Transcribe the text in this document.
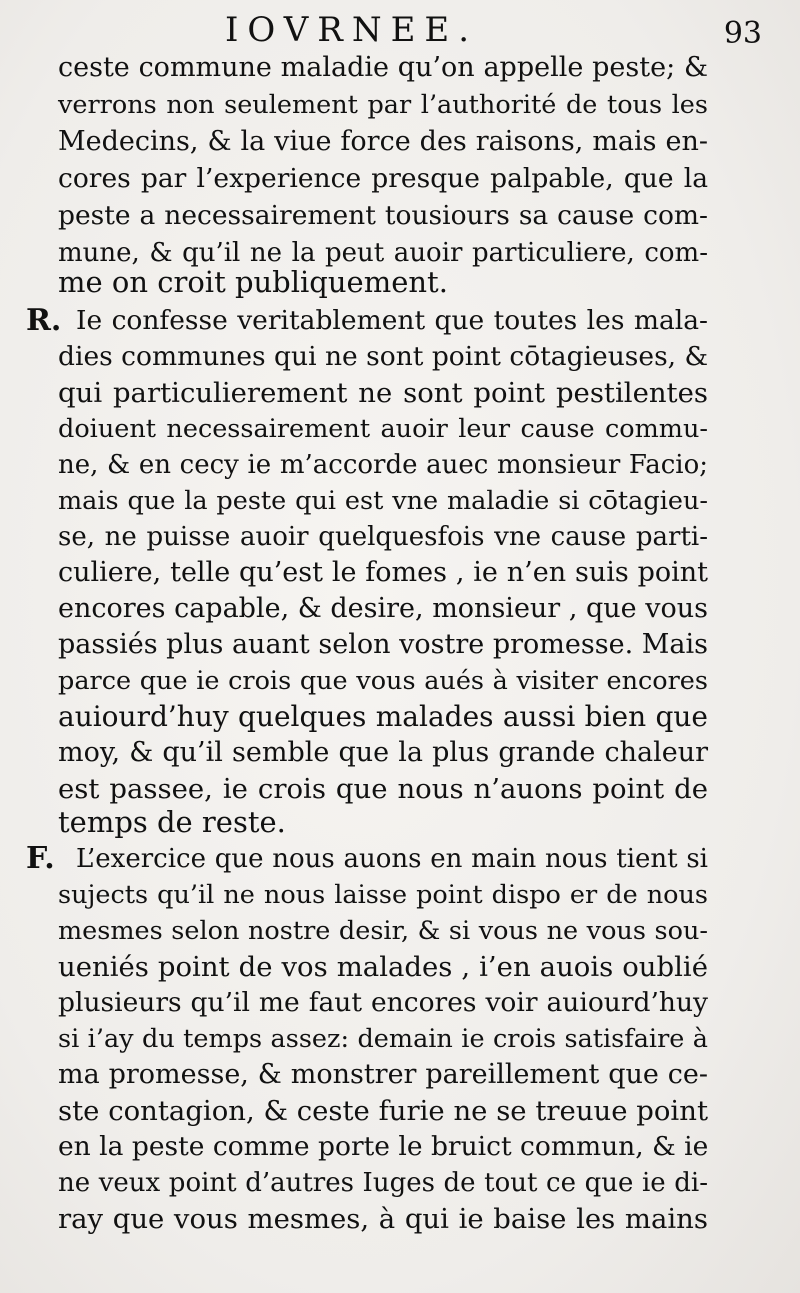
IOVRNEE.	93
ceste commune maladie qu’on appelle peste; &
verrons non seulement par l’authorité de tous les
Medecins, & la viue force des raisons, mais en-
cores par l’experience presque palpable, que la
peste a necessairement tousiours sa cause com-
mune, & qu’il ne la peut auoir particuliere, com-
me on croit publiquement.
R. Ie confesse veritablement que toutes les mala-
dies communes qui ne sont point cōtagieuses, &
qui particulierement ne sont point pestilentes
doiuent necessairement auoir leur cause commu-
ne, & en cecy ie m’accorde auec monsieur Facio;
mais que la peste qui est vne maladie si cōtagieu-
se, ne puisse auoir quelquesfois vne cause parti-
culiere, telle qu’est le fomes , ie n’en suis point
encores capable, & desire, monsieur , que vous
passiés plus auant selon vostre promesse. Mais
parce que ie crois que vous aués à visiter encores
auiourd’huy quelques malades aussi bien que
moy, & qu’il semble que la plus grande chaleur
est passee, ie crois que nous n’auons point de
temps de reste.
F. L’exercice que nous auons en main nous tient si
sujects qu’il ne nous laisse point dispo er de nous
mesmes selon nostre desir, & si vous ne vous sou-
ueniés point de vos malades , i’en auois oublié
plusieurs qu’il me faut encores voir auiourd’huy
si i’ay du temps assez: demain ie crois satisfaire à
ma promesse, & monstrer pareillement que ce-
ste contagion, & ceste furie ne se treuue point
en la peste comme porte le bruict commun, & ie
ne veux point d’autres Iuges de tout ce que ie di-
ray que vous mesmes, à qui ie baise les mains
